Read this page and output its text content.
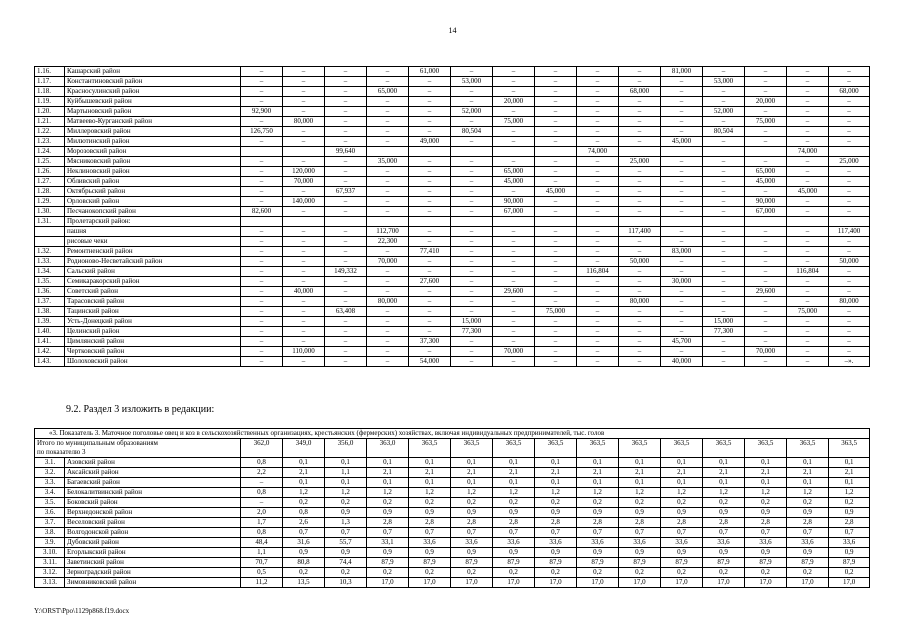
14
1.16.	Кашарский район	–	–	–	–	61,000	–	–	–	–	–	81,000	–	–	–	–
1.17.	Константиновский район	–	–	–	–	–	53,000	–	–	–	–	–	53,000	–	–	–
1.18.	Красносулинский район	–	–	–	65,000	–	–	–	–	–	68,000	–	–	–	–	68,000
1.19.	Куйбышевский район	–	–	–	–	–	–	20,000	–	–	–	–	–	20,000	–	–
1.20.	Мартыновский район	92,900	–	–	–	–	52,000	–	–	–	–	–	52,000	–	–	–
1.21.	Матвеево-Курганский район	–	80,000	–	–	–	–	75,000	–	–	–	–	–	75,000	–	–
1.22.	Миллеровский район	126,750	–	–	–	–	80,504	–	–	–	–	–	80,504	–	–	–
1.23.	Милютинский район	–	–	–	–	49,000	–	–	–	–	–	45,000	–	–	–	–
1.24.	Морозовский район			99,640						74,000					74,000	
1.25.	Мясниковский район	–	–	–	35,000	–	–	–	–	–	25,000	–	–	–	–	25,000
1.26.	Неклиновский район	–	120,000	–	–	–	–	65,000	–	–	–	–	–	65,000	–	–
1.27.	Обливский район	–	70,000	–	–	–	–	45,000	–	–	–	–	–	45,000	–	–
1.28.	Октябрьский район	–	–	67,937	–	–	–	–	45,000	–	–	–	–	–	45,000	–
1.29.	Орловский район	–	140,000	–	–	–	–	90,000	–	–	–	–	–	90,000	–	–
1.30.	Песчанокопский район	82,600	–	–	–	–	–	67,000	–	–	–	–	–	67,000	–	–
1.31.	Пролетарский район:															
	пашня	–	–	–	112,700	–	–	–	–	–	117,400	–	–	–	–	117,400
	рисовые чеки	–	–	–	22,300	–	–	–	–	–	–	–	–	–	–	–
1.32.	Ремонтненский район	–	–	–	–	77,410	–	–	–	–	–	83,000	–	–	–	–
1.33.	Родионово-Несветайский район	–	–	–	70,000	–	–	–	–	–	50,000	–	–	–	–	50,000
1.34.	Сальский район	–	–	149,332	–	–	–	–	–	116,804	–	–	–	–	116,804	–
1.35.	Семикаракорский район	–	–	–	–	27,600	–	–	–	–	–	30,000	–	–	–	–
1.36.	Советский район	–	40,000	–	–	–	–	29,600	–	–	–	–	–	29,600	–	–
1.37.	Тарасовский район	–	–	–	80,000	–	–	–	–	–	80,000	–	–	–	–	80,000
1.38.	Тацинский район	–	–	63,408	–	–	–	–	75,000	–	–	–	–	–	75,000	–
1.39.	Усть-Донецкий район	–	–	–	–	–	15,000	–	–	–	–	–	15,000	–	–	–
1.40.	Целинский район	–	–	–	–	–	77,300	–	–	–	–	–	77,300	–	–	–
1.41.	Цимлянский район	–	–	–	–	37,300	–	–	–	–	–	45,700	–	–	–	–
1.42.	Чертковский район	–	110,000	–	–	–	–	70,000	–	–	–	–	–	70,000	–	–
1.43.	Шолоховский район	–	–	–	–	54,000	–	–	–	–	–	40,000	–	–	–	–».
9.2. Раздел 3 изложить в редакции:
«3. Показатель 3. Маточное поголовье овец и коз в сельскохозяйственных организациях, крестьянских (фермерских) хозяйствах, включая индивидуальных предпринимателей, тыс. голов																

Итого по муниципальным образованиям
по показателю 3		362,0	349,0	356,0	363,0	363,5	363,5	363,5	363,5	363,5	363,5	363,5	363,5	363,5	363,5	363,5
3.1.	Азовский район	0,8	0,1	0,1	0,1	0,1	0,1	0,1	0,1	0,1	0,1	0,1	0,1	0,1	0,1	0,1
3.2.	Аксайский район	2,2	2,1	1,1	2,1	2,1	2,1	2,1	2,1	2,1	2,1	2,1	2,1	2,1	2,1	2,1
3.3.	Багаевский район	–	0,1	0,1	0,1	0,1	0,1	0,1	0,1	0,1	0,1	0,1	0,1	0,1	0,1	0,1
3.4.	Белокалитвинский район	0,8	1,2	1,2	1,2	1,2	1,2	1,2	1,2	1,2	1,2	1,2	1,2	1,2	1,2	1,2
3.5.	Боковский район	–	0,2	0,2	0,2	0,2	0,2	0,2	0,2	0,2	0,2	0,2	0,2	0,2	0,2	0,2
3.6.	Верхнедонской район	2,0	0,8	0,9	0,9	0,9	0,9	0,9	0,9	0,9	0,9	0,9	0,9	0,9	0,9	0,9
3.7.	Веселовский район	1,7	2,6	1,3	2,8	2,8	2,8	2,8	2,8	2,8	2,8	2,8	2,8	2,8	2,8	2,8
3.8.	Волгодонской район	0,8	0,7	0,7	0,7	0,7	0,7	0,7	0,7	0,7	0,7	0,7	0,7	0,7	0,7	0,7
3.9.	Дубовский район	48,4	31,6	55,7	33,1	33,6	33,6	33,6	33,6	33,6	33,6	33,6	33,6	33,6	33,6	33,6
3.10.	Егорлыкский район	1,1	0,9	0,9	0,9	0,9	0,9	0,9	0,9	0,9	0,9	0,9	0,9	0,9	0,9	0,9
3.11.	Заветинский район	70,7	80,8	74,4	87,9	87,9	87,9	87,9	87,9	87,9	87,9	87,9	87,9	87,9	87,9	87,9
3.12.	Зерноградский район	0,5	0,2	0,2	0,2	0,2	0,2	0,2	0,2	0,2	0,2	0,2	0,2	0,2	0,2	0,2
3.13.	Зимовниковский район	11,2	13,5	10,3	17,0	17,0	17,0	17,0	17,0	17,0	17,0	17,0	17,0	17,0	17,0	17,0
Y:\ORST\Ppo\1129p868.f19.docx
